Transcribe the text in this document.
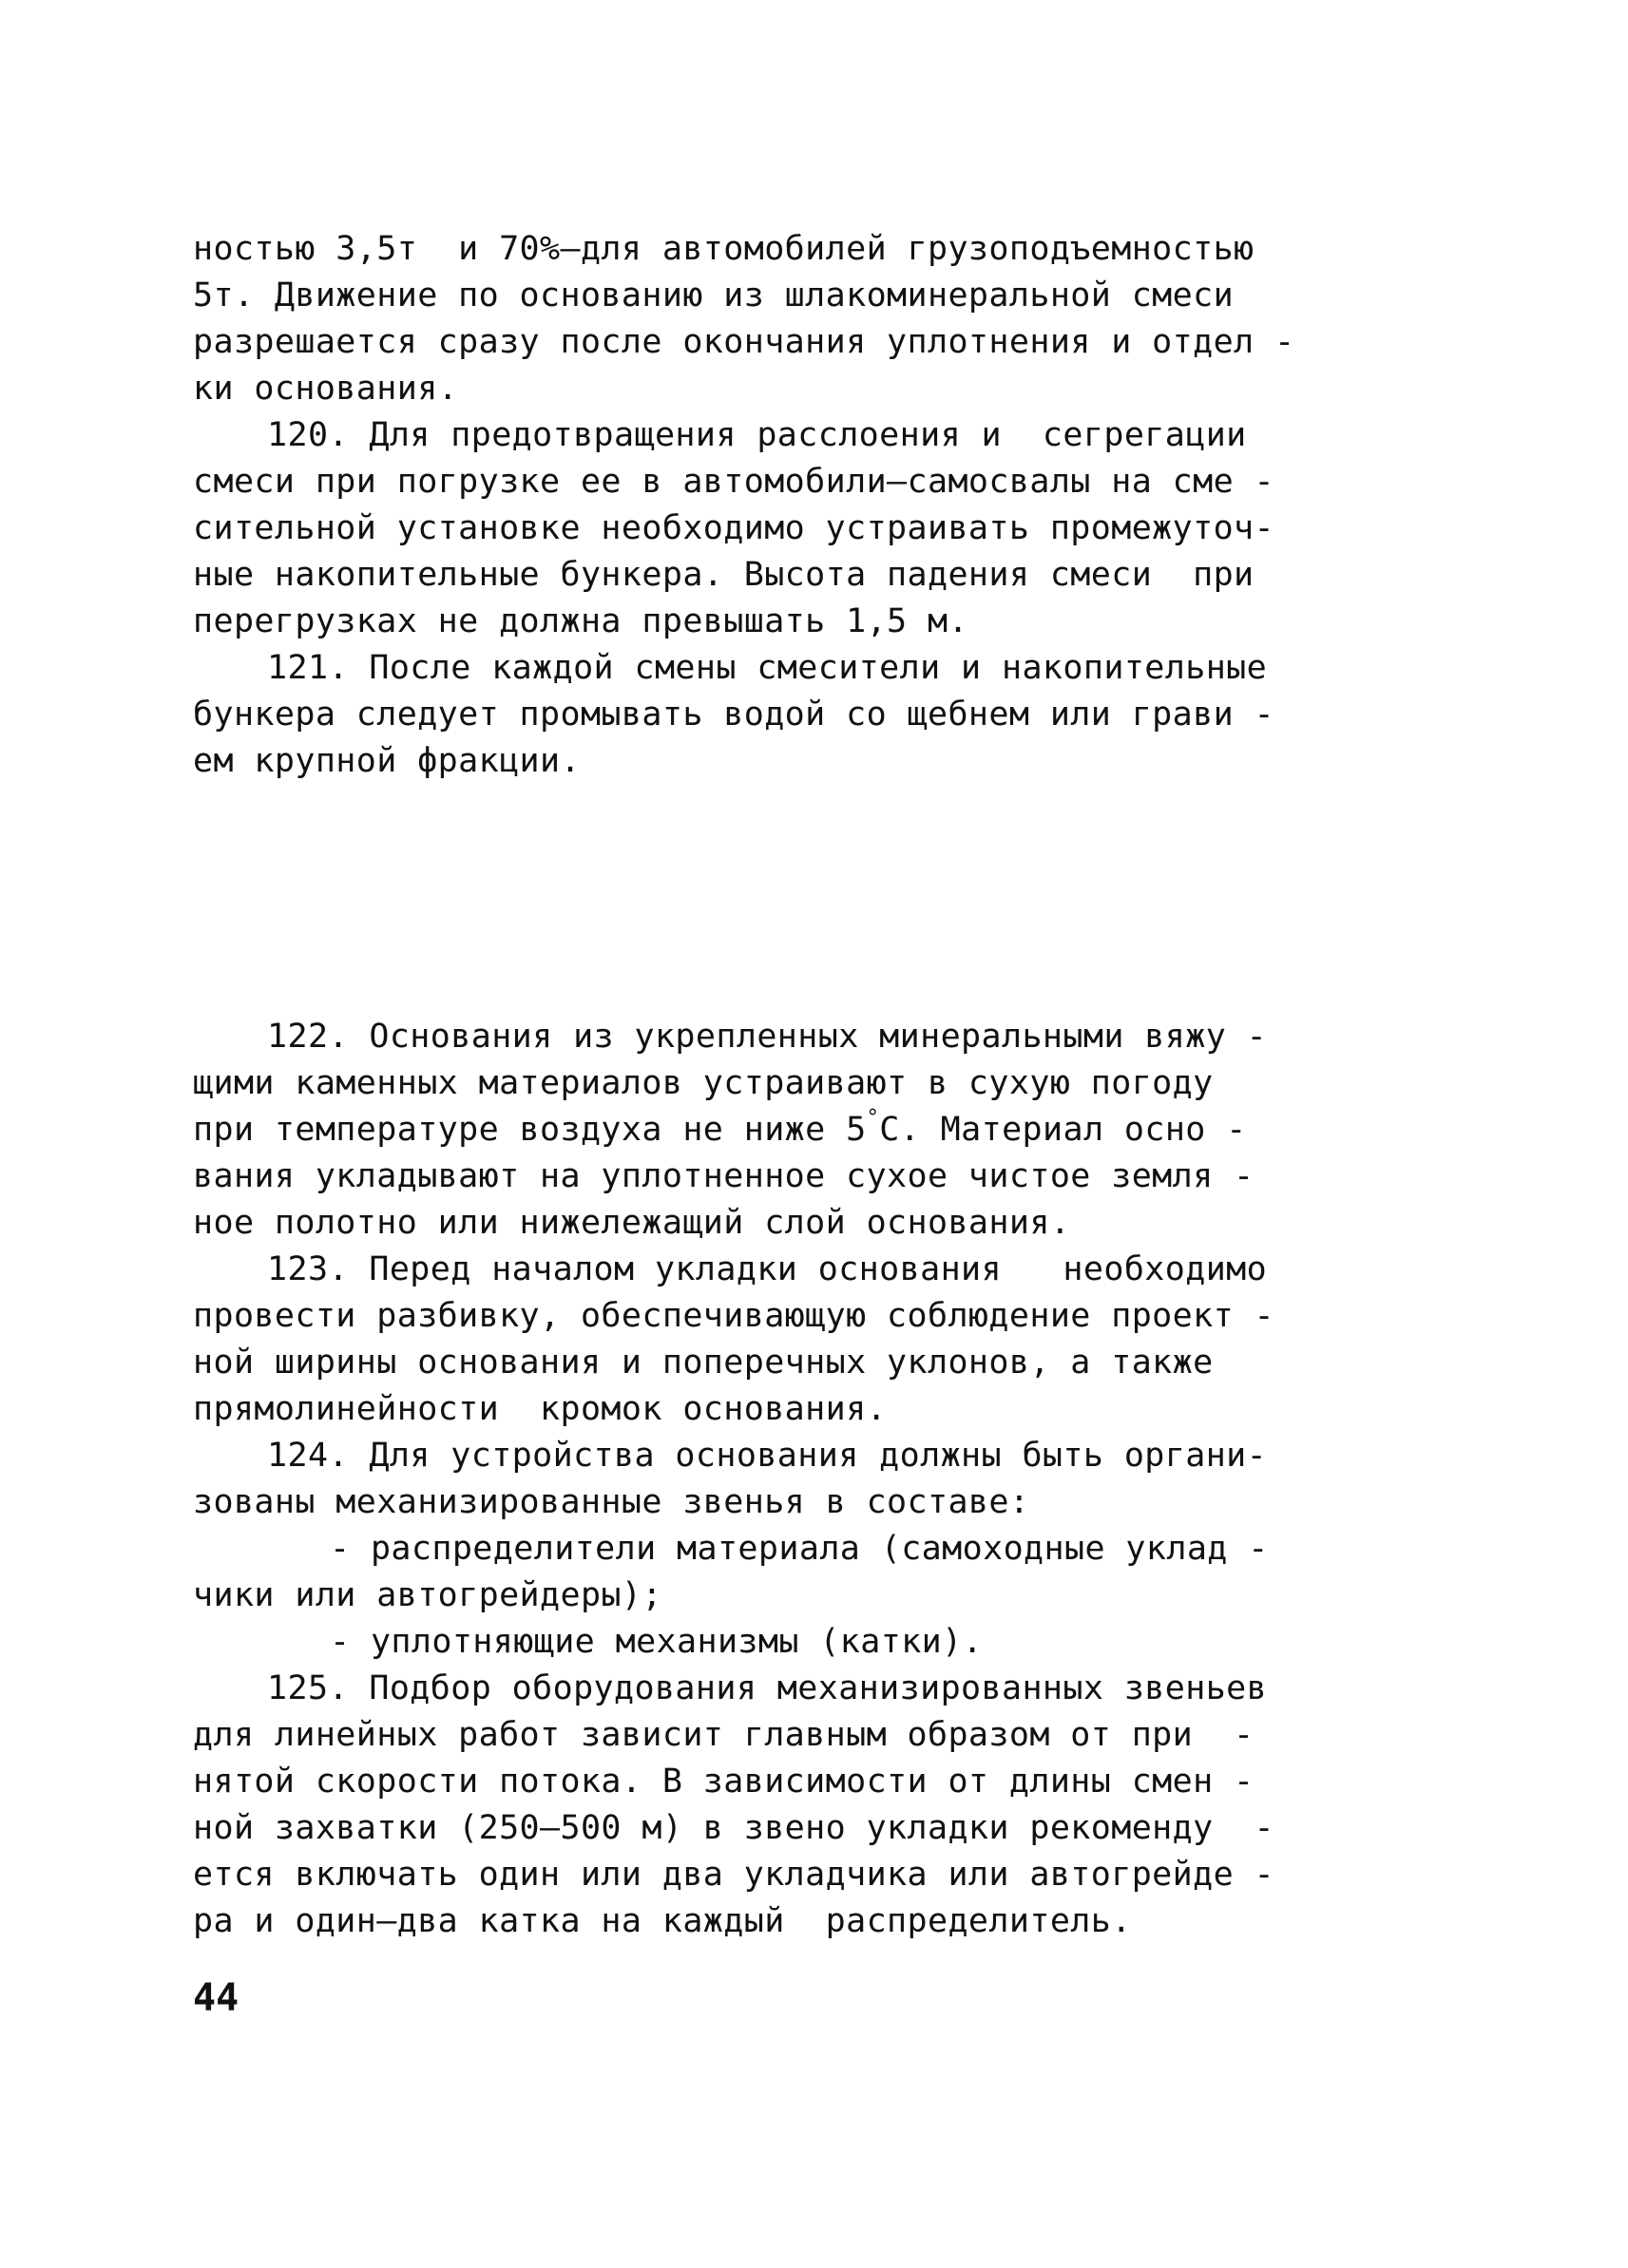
ностью 3,5т  и 70%–для автомобилей грузоподъемностью
5т. Движение по основанию из шлакоминеральной смеси
разрешается сразу после окончания уплотнения и отдел -
ки основания.
120. Для предотвращения расслоения и  сегрегации
смеси при погрузке ее в автомобили–самосвалы на сме -
сительной установке необходимо устраивать промежуточ-
ные накопительные бункера. Высота падения смеси  при
перегрузках не должна превышать 1,5 м.
121. После каждой смены смесители и накопительные
бункера следует промывать водой со щебнем или грави -
ем крупной фракции.
122. Основания из укрепленных минеральными вяжу -
щими каменных материалов устраивают в сухую погоду
при температуре воздуха не ниже 5°С. Материал осно -
вания укладывают на уплотненное сухое чистое земля -
ное полотно или нижележащий слой основания.
123. Перед началом укладки основания   необходимо
провести разбивку, обеспечивающую соблюдение проект -
ной ширины основания и поперечных уклонов, а также
прямолинейности  кромок основания.
124. Для устройства основания должны быть органи-
зованы механизированные звенья в составе:
- распределители материала (самоходные уклад -
чики или автогрейдеры);
- уплотняющие механизмы (катки).
125. Подбор оборудования механизированных звеньев
для линейных работ зависит главным образом от при  -
нятой скорости потока. В зависимости от длины смен -
ной захватки (250–500 м) в звено укладки рекоменду  -
ется включать один или два укладчика или автогрейде -
ра и один–два катка на каждый  распределитель.
44
